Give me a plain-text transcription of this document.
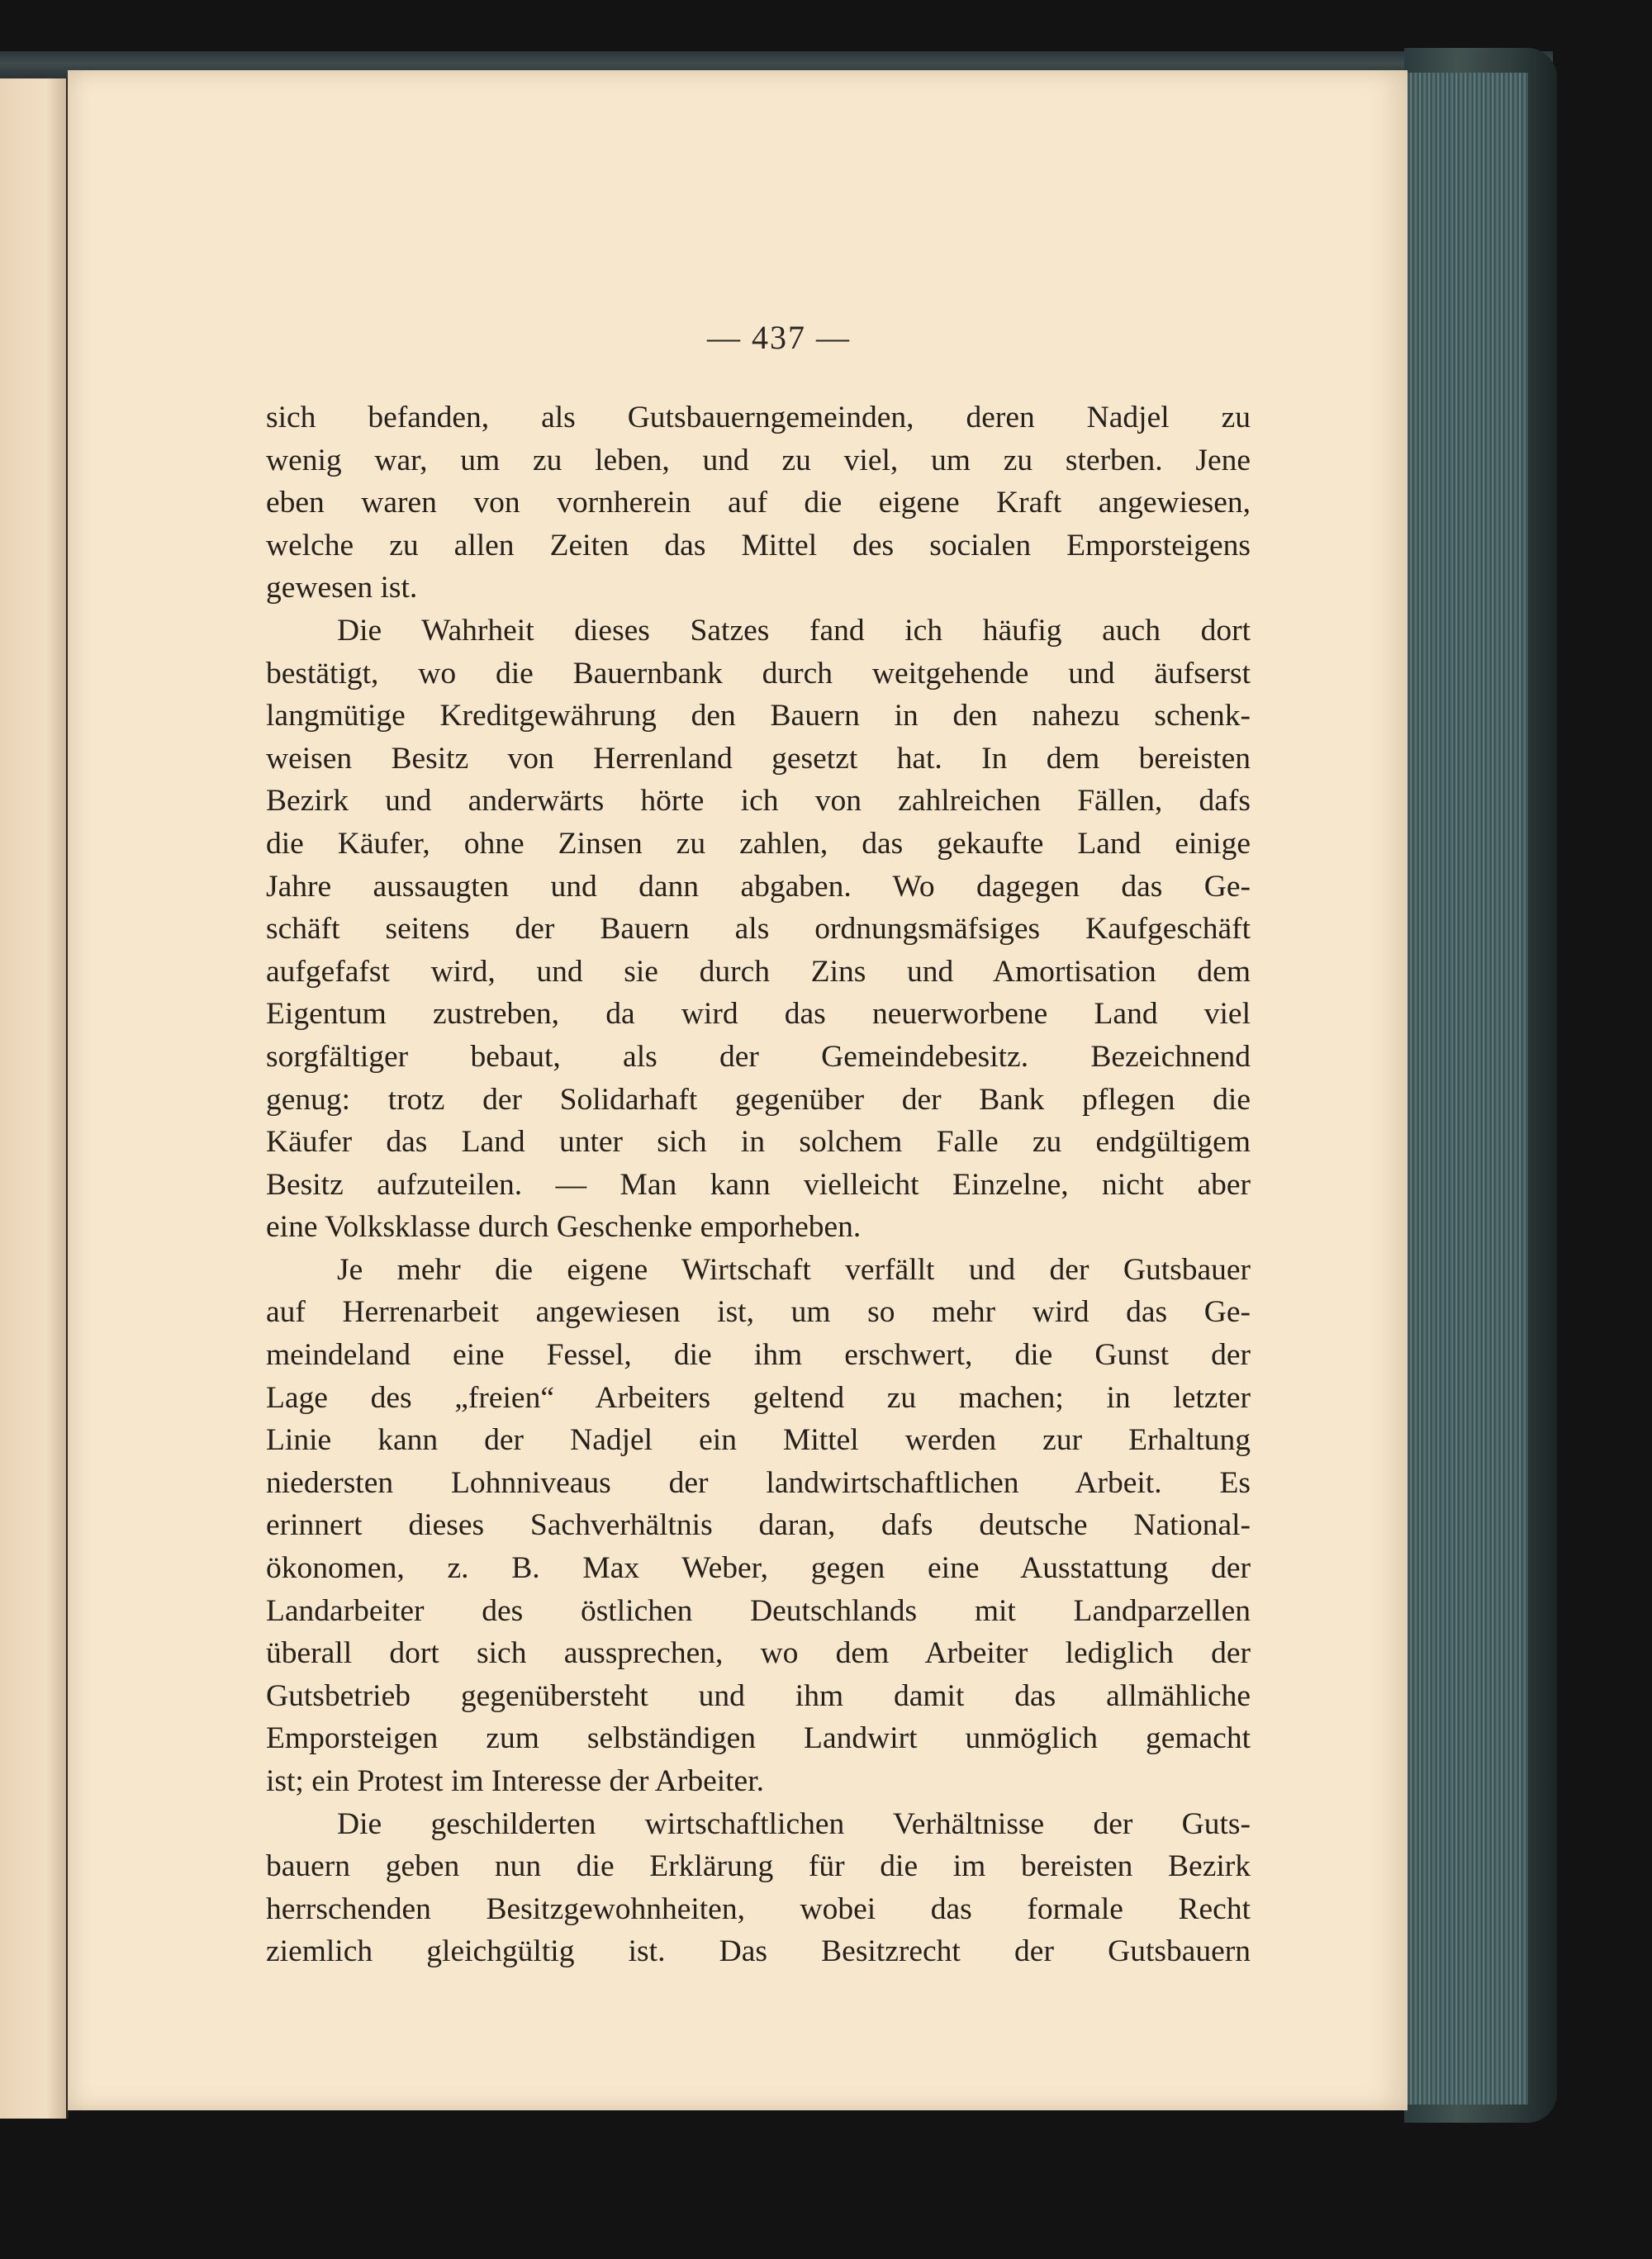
— 437 —
sich befanden, als Gutsbauerngemeinden, deren Nadjel zu
wenig war, um zu leben, und zu viel, um zu sterben. Jene
eben waren von vornherein auf die eigene Kraft angewiesen,
welche zu allen Zeiten das Mittel des socialen Emporsteigens
gewesen ist.
Die Wahrheit dieses Satzes fand ich häufig auch dort
bestätigt, wo die Bauernbank durch weitgehende und äufserst
langmütige Kreditgewährung den Bauern in den nahezu schenk-
weisen Besitz von Herrenland gesetzt hat. In dem bereisten
Bezirk und anderwärts hörte ich von zahlreichen Fällen, dafs
die Käufer, ohne Zinsen zu zahlen, das gekaufte Land einige
Jahre aussaugten und dann abgaben. Wo dagegen das Ge-
schäft seitens der Bauern als ordnungsmäfsiges Kaufgeschäft
aufgefafst wird, und sie durch Zins und Amortisation dem
Eigentum zustreben, da wird das neuerworbene Land viel
sorgfältiger bebaut, als der Gemeindebesitz. Bezeichnend
genug: trotz der Solidarhaft gegenüber der Bank pflegen die
Käufer das Land unter sich in solchem Falle zu endgültigem
Besitz aufzuteilen. — Man kann vielleicht Einzelne, nicht aber
eine Volksklasse durch Geschenke emporheben.
Je mehr die eigene Wirtschaft verfällt und der Gutsbauer
auf Herrenarbeit angewiesen ist, um so mehr wird das Ge-
meindeland eine Fessel, die ihm erschwert, die Gunst der
Lage des „freien“ Arbeiters geltend zu machen; in letzter
Linie kann der Nadjel ein Mittel werden zur Erhaltung
niedersten Lohnniveaus der landwirtschaftlichen Arbeit. Es
erinnert dieses Sachverhältnis daran, dafs deutsche National-
ökonomen, z. B. Max Weber, gegen eine Ausstattung der
Landarbeiter des östlichen Deutschlands mit Landparzellen
überall dort sich aussprechen, wo dem Arbeiter lediglich der
Gutsbetrieb gegenübersteht und ihm damit das allmähliche
Emporsteigen zum selbständigen Landwirt unmöglich gemacht
ist; ein Protest im Interesse der Arbeiter.
Die geschilderten wirtschaftlichen Verhältnisse der Guts-
bauern geben nun die Erklärung für die im bereisten Bezirk
herrschenden Besitzgewohnheiten, wobei das formale Recht
ziemlich gleichgültig ist. Das Besitzrecht der Gutsbauern
